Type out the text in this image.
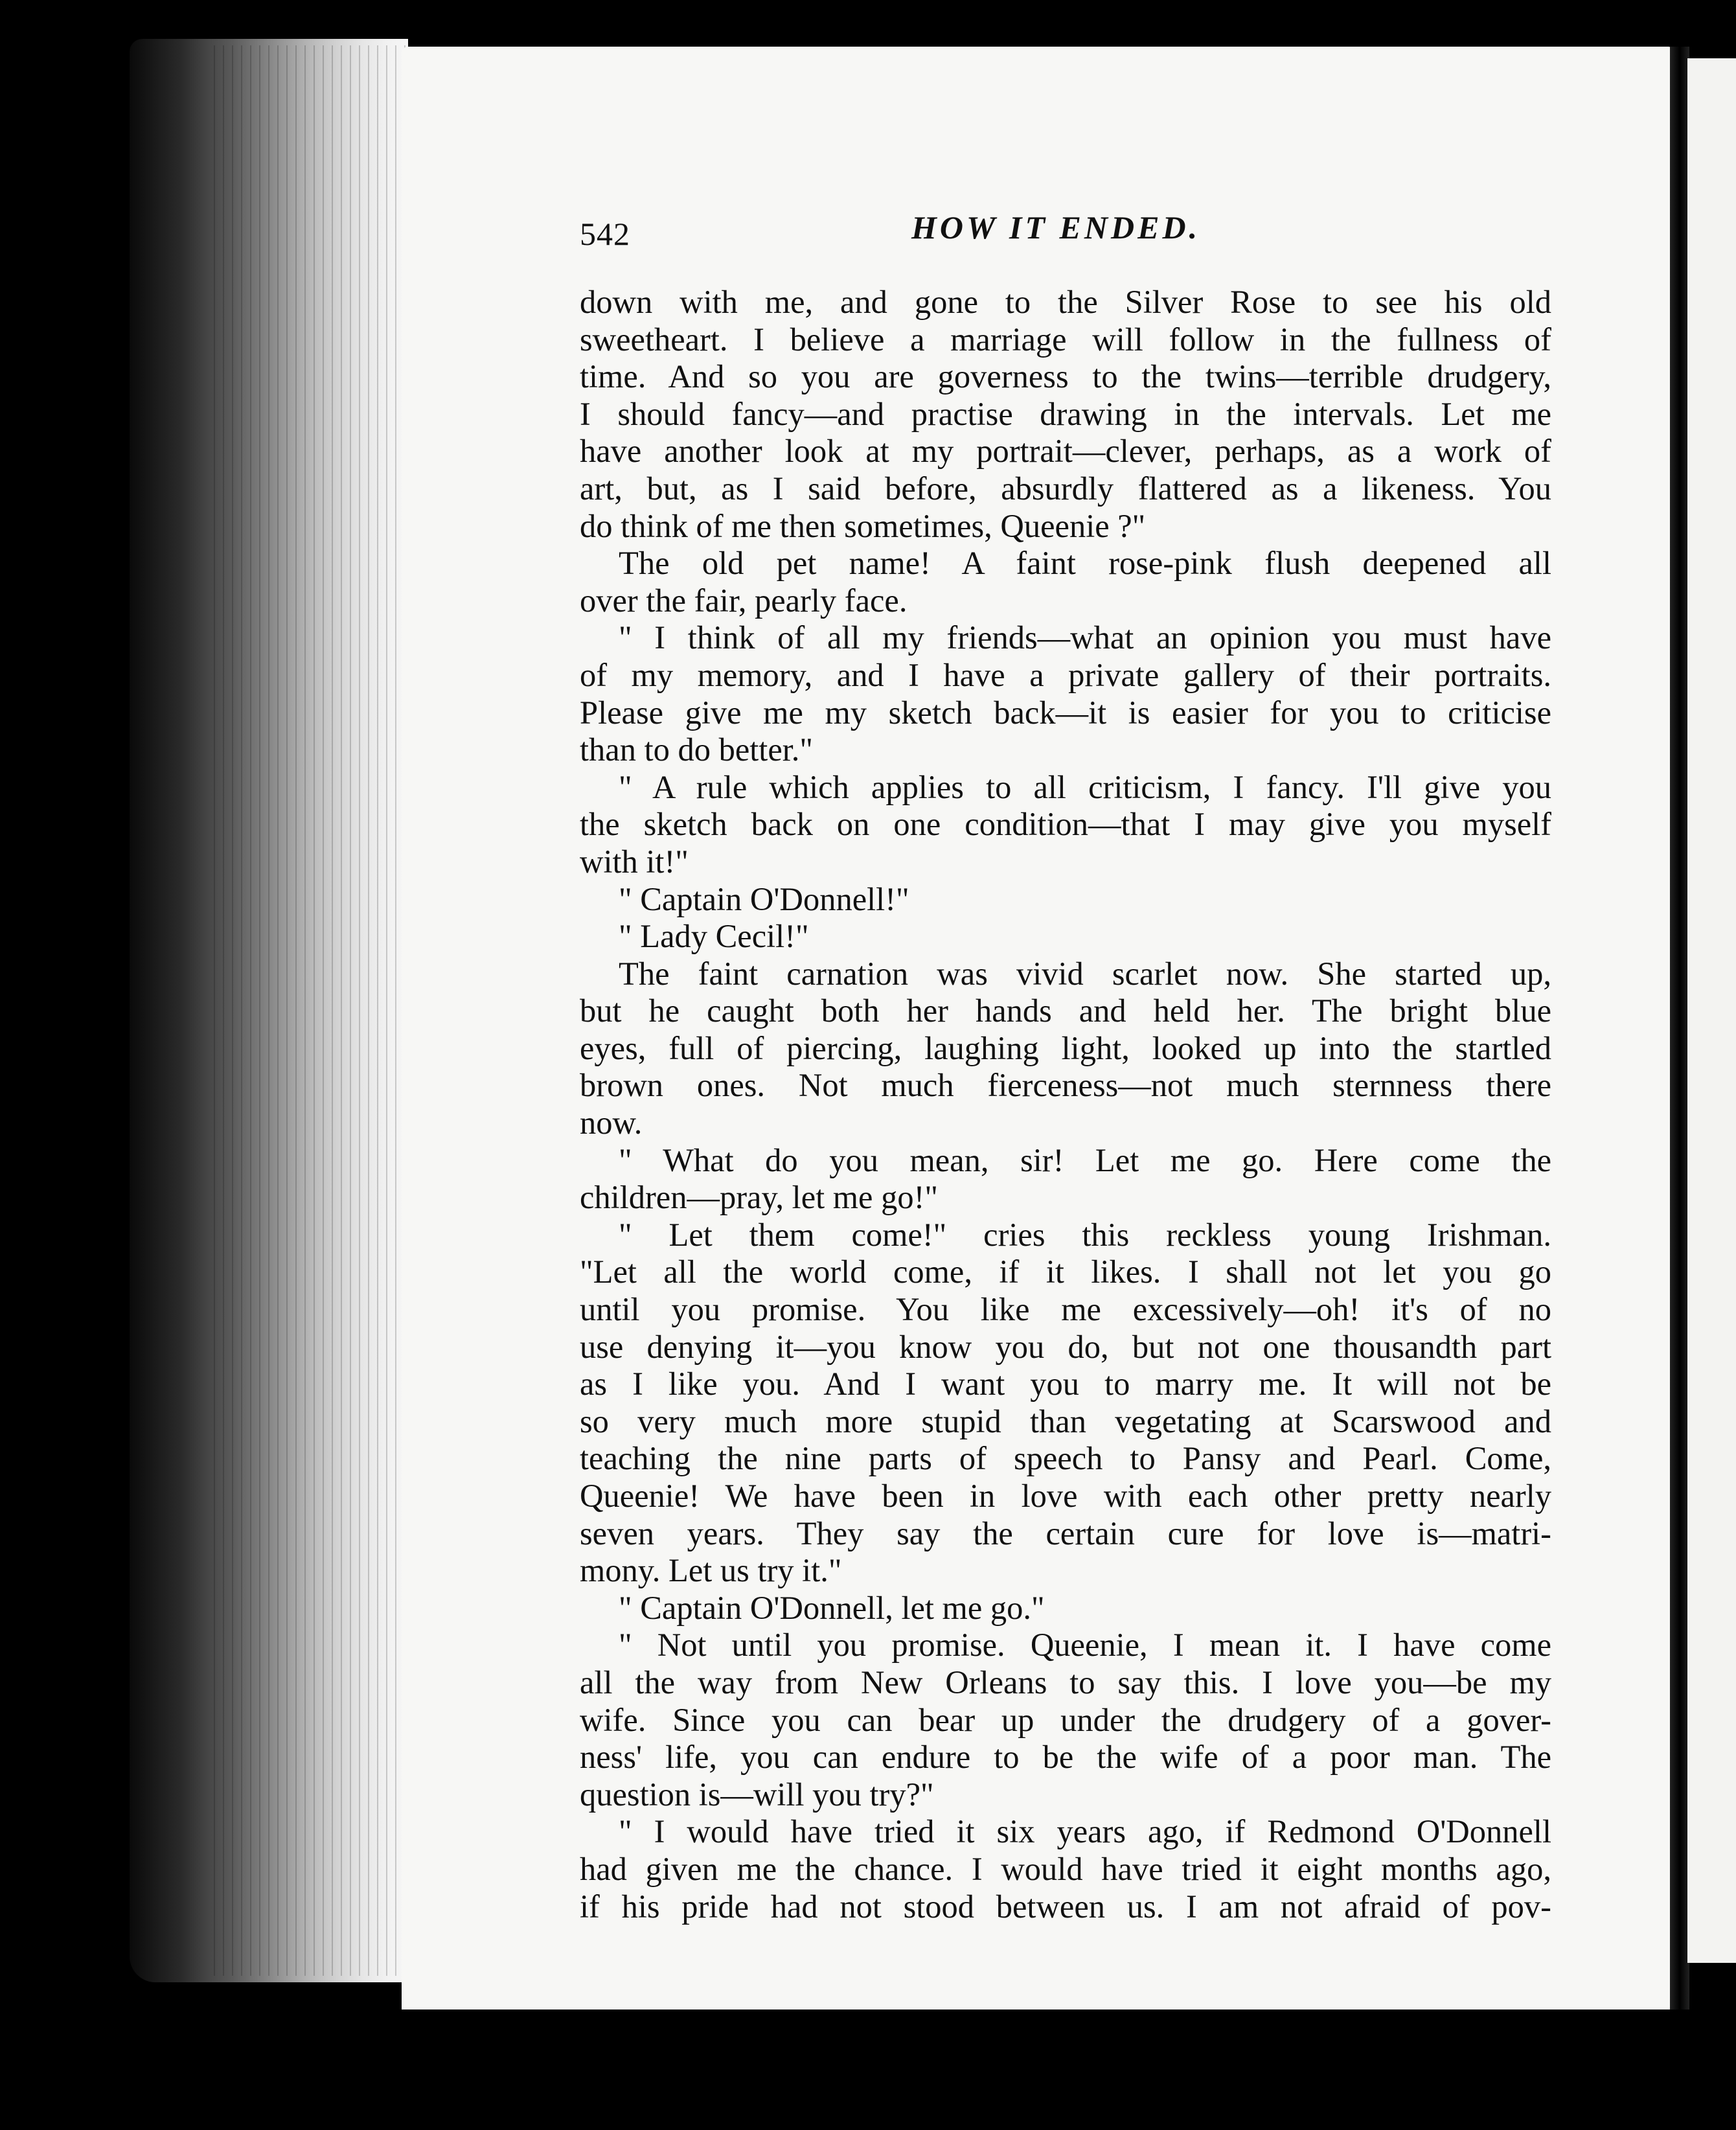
542	HOW IT ENDED.
down with me, and gone to the Silver Rose to see his old
sweetheart. I believe a marriage will follow in the fullness of
time. And so you are governess to the twins—terrible drudgery,
I should fancy—and practise drawing in the intervals. Let me
have another look at my portrait—clever, perhaps, as a work of
art, but, as I said before, absurdly flattered as a likeness. You
do think of me then sometimes, Queenie ?"
The old pet name! A faint rose-pink flush deepened all
over the fair, pearly face.
" I think of all my friends—what an opinion you must have
of my memory, and I have a private gallery of their portraits.
Please give me my sketch back—it is easier for you to criticise
than to do better."
" A rule which applies to all criticism, I fancy. I'll give you
the sketch back on one condition—that I may give you myself
with it!"
" Captain O'Donnell!"
" Lady Cecil!"
The faint carnation was vivid scarlet now. She started up,
but he caught both her hands and held her. The bright blue
eyes, full of piercing, laughing light, looked up into the startled
brown ones. Not much fierceness—not much sternness there
now.
" What do you mean, sir! Let me go. Here come the
children—pray, let me go!"
" Let them come!" cries this reckless young Irishman.
"Let all the world come, if it likes. I shall not let you go
until you promise. You like me excessively—oh! it's of no
use denying it—you know you do, but not one thousandth part
as I like you. And I want you to marry me. It will not be
so very much more stupid than vegetating at Scarswood and
teaching the nine parts of speech to Pansy and Pearl. Come,
Queenie! We have been in love with each other pretty nearly
seven years. They say the certain cure for love is—matri-
mony. Let us try it."
" Captain O'Donnell, let me go."
" Not until you promise. Queenie, I mean it. I have come
all the way from New Orleans to say this. I love you—be my
wife. Since you can bear up under the drudgery of a gover-
ness' life, you can endure to be the wife of a poor man. The
question is—will you try?"
" I would have tried it six years ago, if Redmond O'Donnell
had given me the chance. I would have tried it eight months ago,
if his pride had not stood between us. I am not afraid of pov-
